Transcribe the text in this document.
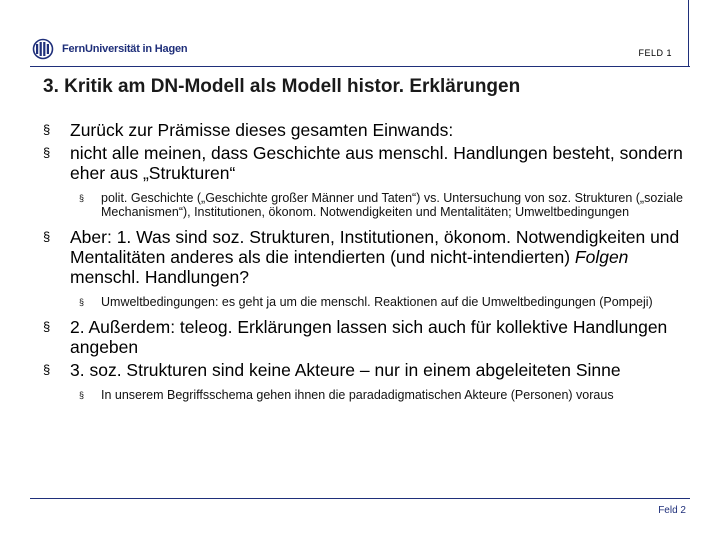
FernUniversität in Hagen	FELD 1
3. Kritik am DN-Modell als Modell histor. Erklärungen

§ Zurück zur Prämisse dieses gesamten Einwands:

§ nicht alle meinen, dass Geschichte aus menschl. Handlungen besteht, sondern eher aus „Strukturen“

§ polit. Geschichte („Geschichte großer Männer und Taten“) vs. Untersuchung von soz. Strukturen („soziale Mechanismen“), Institutionen, ökonom. Notwendigkeiten und Mentalitäten; Umweltbedingungen

§ Aber: 1. Was sind soz. Strukturen, Institutionen, ökonom. Notwendigkeiten und Mentalitäten anderes als die intendierten (und nicht-intendierten) Folgen menschl. Handlungen?

§ Umweltbedingungen: es geht ja um die menschl. Reaktionen auf die Umweltbedingungen (Pompeji)

§ 2. Außerdem: teleog. Erklärungen lassen sich auch für kollektive Handlungen angeben

§ 3. soz. Strukturen sind keine Akteure – nur in einem abgeleiteten Sinne

§ In unserem Begriffsschema gehen ihnen die paradadigmatischen Akteure (Personen) voraus

Feld 2
